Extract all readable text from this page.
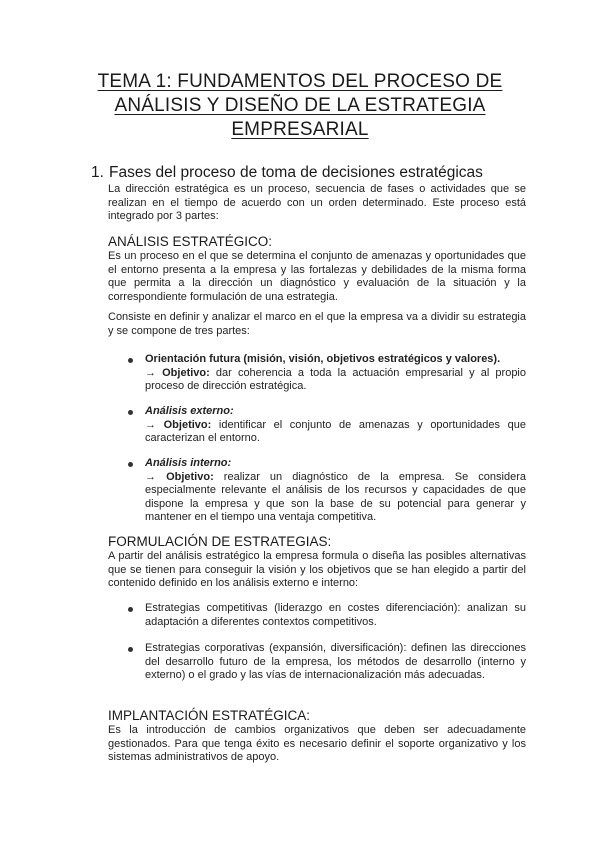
TEMA 1: FUNDAMENTOS DEL PROCESO DE ANÁLISIS Y DISEÑO DE LA ESTRATEGIA EMPRESARIAL
1. Fases del proceso de toma de decisiones estratégicas
La dirección estratégica es un proceso, secuencia de fases o actividades que se realizan en el tiempo de acuerdo con un orden determinado. Este proceso está integrado por 3 partes:
ANÁLISIS ESTRATÉGICO:
Es un proceso en el que se determina el conjunto de amenazas y oportunidades que el entorno presenta a la empresa y las fortalezas y debilidades de la misma forma que permita a la dirección un diagnóstico y evaluación de la situación y la correspondiente formulación de una estrategia.
Consiste en definir y analizar el marco en el que la empresa va a dividir su estrategia y se compone de tres partes:
Orientación futura (misión, visión, objetivos estratégicos y valores).
→ Objetivo: dar coherencia a toda la actuación empresarial y al propio proceso de dirección estratégica.
Análisis externo:
→ Objetivo: identificar el conjunto de amenazas y oportunidades que caracterizan el entorno.
Análisis interno:
→ Objetivo: realizar un diagnóstico de la empresa. Se considera especialmente relevante el análisis de los recursos y capacidades de que dispone la empresa y que son la base de su potencial para generar y mantener en el tiempo una ventaja competitiva.
FORMULACIÓN DE ESTRATEGIAS:
A partir del análisis estratégico la empresa formula o diseña las posibles alternativas que se tienen para conseguir la visión y los objetivos que se han elegido a partir del contenido definido en los análisis externo e interno:
Estrategias competitivas (liderazgo en costes diferenciación): analizan su adaptación a diferentes contextos competitivos.
Estrategias corporativas (expansión, diversificación): definen las direcciones del desarrollo futuro de la empresa, los métodos de desarrollo (interno y externo) o el grado y las vías de internacionalización más adecuadas.
IMPLANTACIÓN ESTRATÉGICA:
Es la introducción de cambios organizativos que deben ser adecuadamente gestionados. Para que tenga éxito es necesario definir el soporte organizativo y los sistemas administrativos de apoyo.
